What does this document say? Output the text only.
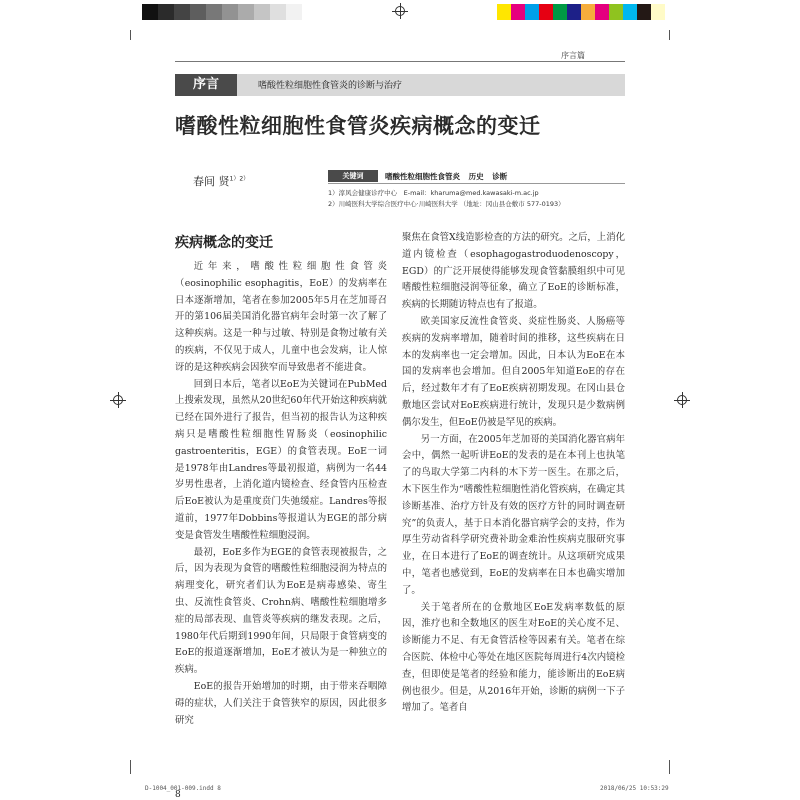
序言篇
序言	嗜酸性粒细胞性食管炎的诊断与治疗
嗜酸性粒细胞性食管炎疾病概念的变迁
春间 贤$^{1)2)}$	关键词	嗜酸性粒细胞性食管炎 历史 诊断
1）淳风会健康诊疗中心　E-mail：kharuma@med.kawasaki-m.ac.jp
2）川崎医科大学综合医疗中心·川崎医科大学 （地址：冈山县仓敷市 577-0193）
疾病概念的变迁

近年来，嗜酸性粒细胞性食管炎（eosinophilic esophagitis，EoE）的发病率在日本逐渐增加，笔者在参加2005年5月在芝加哥召开的第106届美国消化器官病年会时第一次了解了这种疾病。这是一种与过敏、特别是食物过敏有关的疾病，不仅见于成人，儿童中也会发病，让人惊讶的是这种疾病会因狭窄而导致患者不能进食。

回到日本后，笔者以EoE为关键词在PubMed上搜索发现，虽然从20世纪60年代开始这种疾病就已经在国外进行了报告，但当初的报告认为这种疾病只是嗜酸性粒细胞性胃肠炎（eosinophilic gastroenteritis，EGE）的食管表现。EoE一词是1978年由Landres等最初报道，病例为一名44岁男性患者，上消化道内镜检查、经食管内压检查后EoE被认为是重度贲门失弛缓症。Landres等报道前，1977年Dobbins等报道认为EGE的部分病变是食管发生嗜酸性粒细胞浸润。

最初，EoE多作为EGE的食管表现被报告，之后，因为表现为食管的嗜酸性粒细胞浸润为特点的病理变化，研究者们认为EoE是病毒感染、寄生虫、反流性食管炎、Crohn病、嗜酸性粒细胞增多症的局部表现、血管炎等疾病的继发表现。之后，1980年代后期到1990年间，只局限于食管病变的EoE的报道逐渐增加，EoE才被认为是一种独立的疾病。

EoE的报告开始增加的时期，由于带来吞咽障碍的症状，人们关注于食管狭窄的原因，因此很多研究

聚焦在食管X线造影检查的方法的研究。之后，上消化道内镜检查（esophagogastroduodenoscopy，EGD）的广泛开展使得能够发现食管黏膜组织中可见嗜酸性粒细胞浸润等征象，确立了EoE的诊断标准，疾病的长期随访特点也有了报道。

欧美国家反流性食管炎、炎症性肠炎、人肠癌等疾病的发病率增加，随着时间的推移，这些疾病在日本的发病率也一定会增加。因此，日本认为EoE在本国的发病率也会增加。但自2005年知道EoE的存在后，经过数年才有了EoE疾病初期发现。在冈山县仓敷地区尝试对EoE疾病进行统计，发现只是少数病例偶尔发生，但EoE仍被是罕见的疾病。

另一方面，在2005年芝加哥的美国消化器官病年会中，偶然一起听讲EoE的发表的是在本刊上也执笔了的鸟取大学第二内科的木下芳一医生。在那之后，木下医生作为“嗜酸性粒细胞性消化管疾病，在确定其诊断基准、治疗方针及有效的医疗方针的同时调查研究”的负责人，基于日本消化器官病学会的支持，作为厚生劳动省科学研究费补助金难治性疾病克服研究事业，在日本进行了EoE的调查统计。从这项研究成果中，笔者也感觉到，EoE的发病率在日本也确实增加了。

关于笔者所在的仓敷地区EoE发病率数低的原因，淮疗也和全数地区的医生对EoE的关心度不足、诊断能力不足、有无食管活检等因素有关。笔者在综合医院、体检中心等处在地区医院每周进行4次内镜检查，但即使是笔者的经验和能力，能诊断出的EoE病例也很少。但是，从2016年开始，诊断的病例一下子增加了。笔者自

8
D-1004_001-009.indd 8	2018/06/25 10:53:29
